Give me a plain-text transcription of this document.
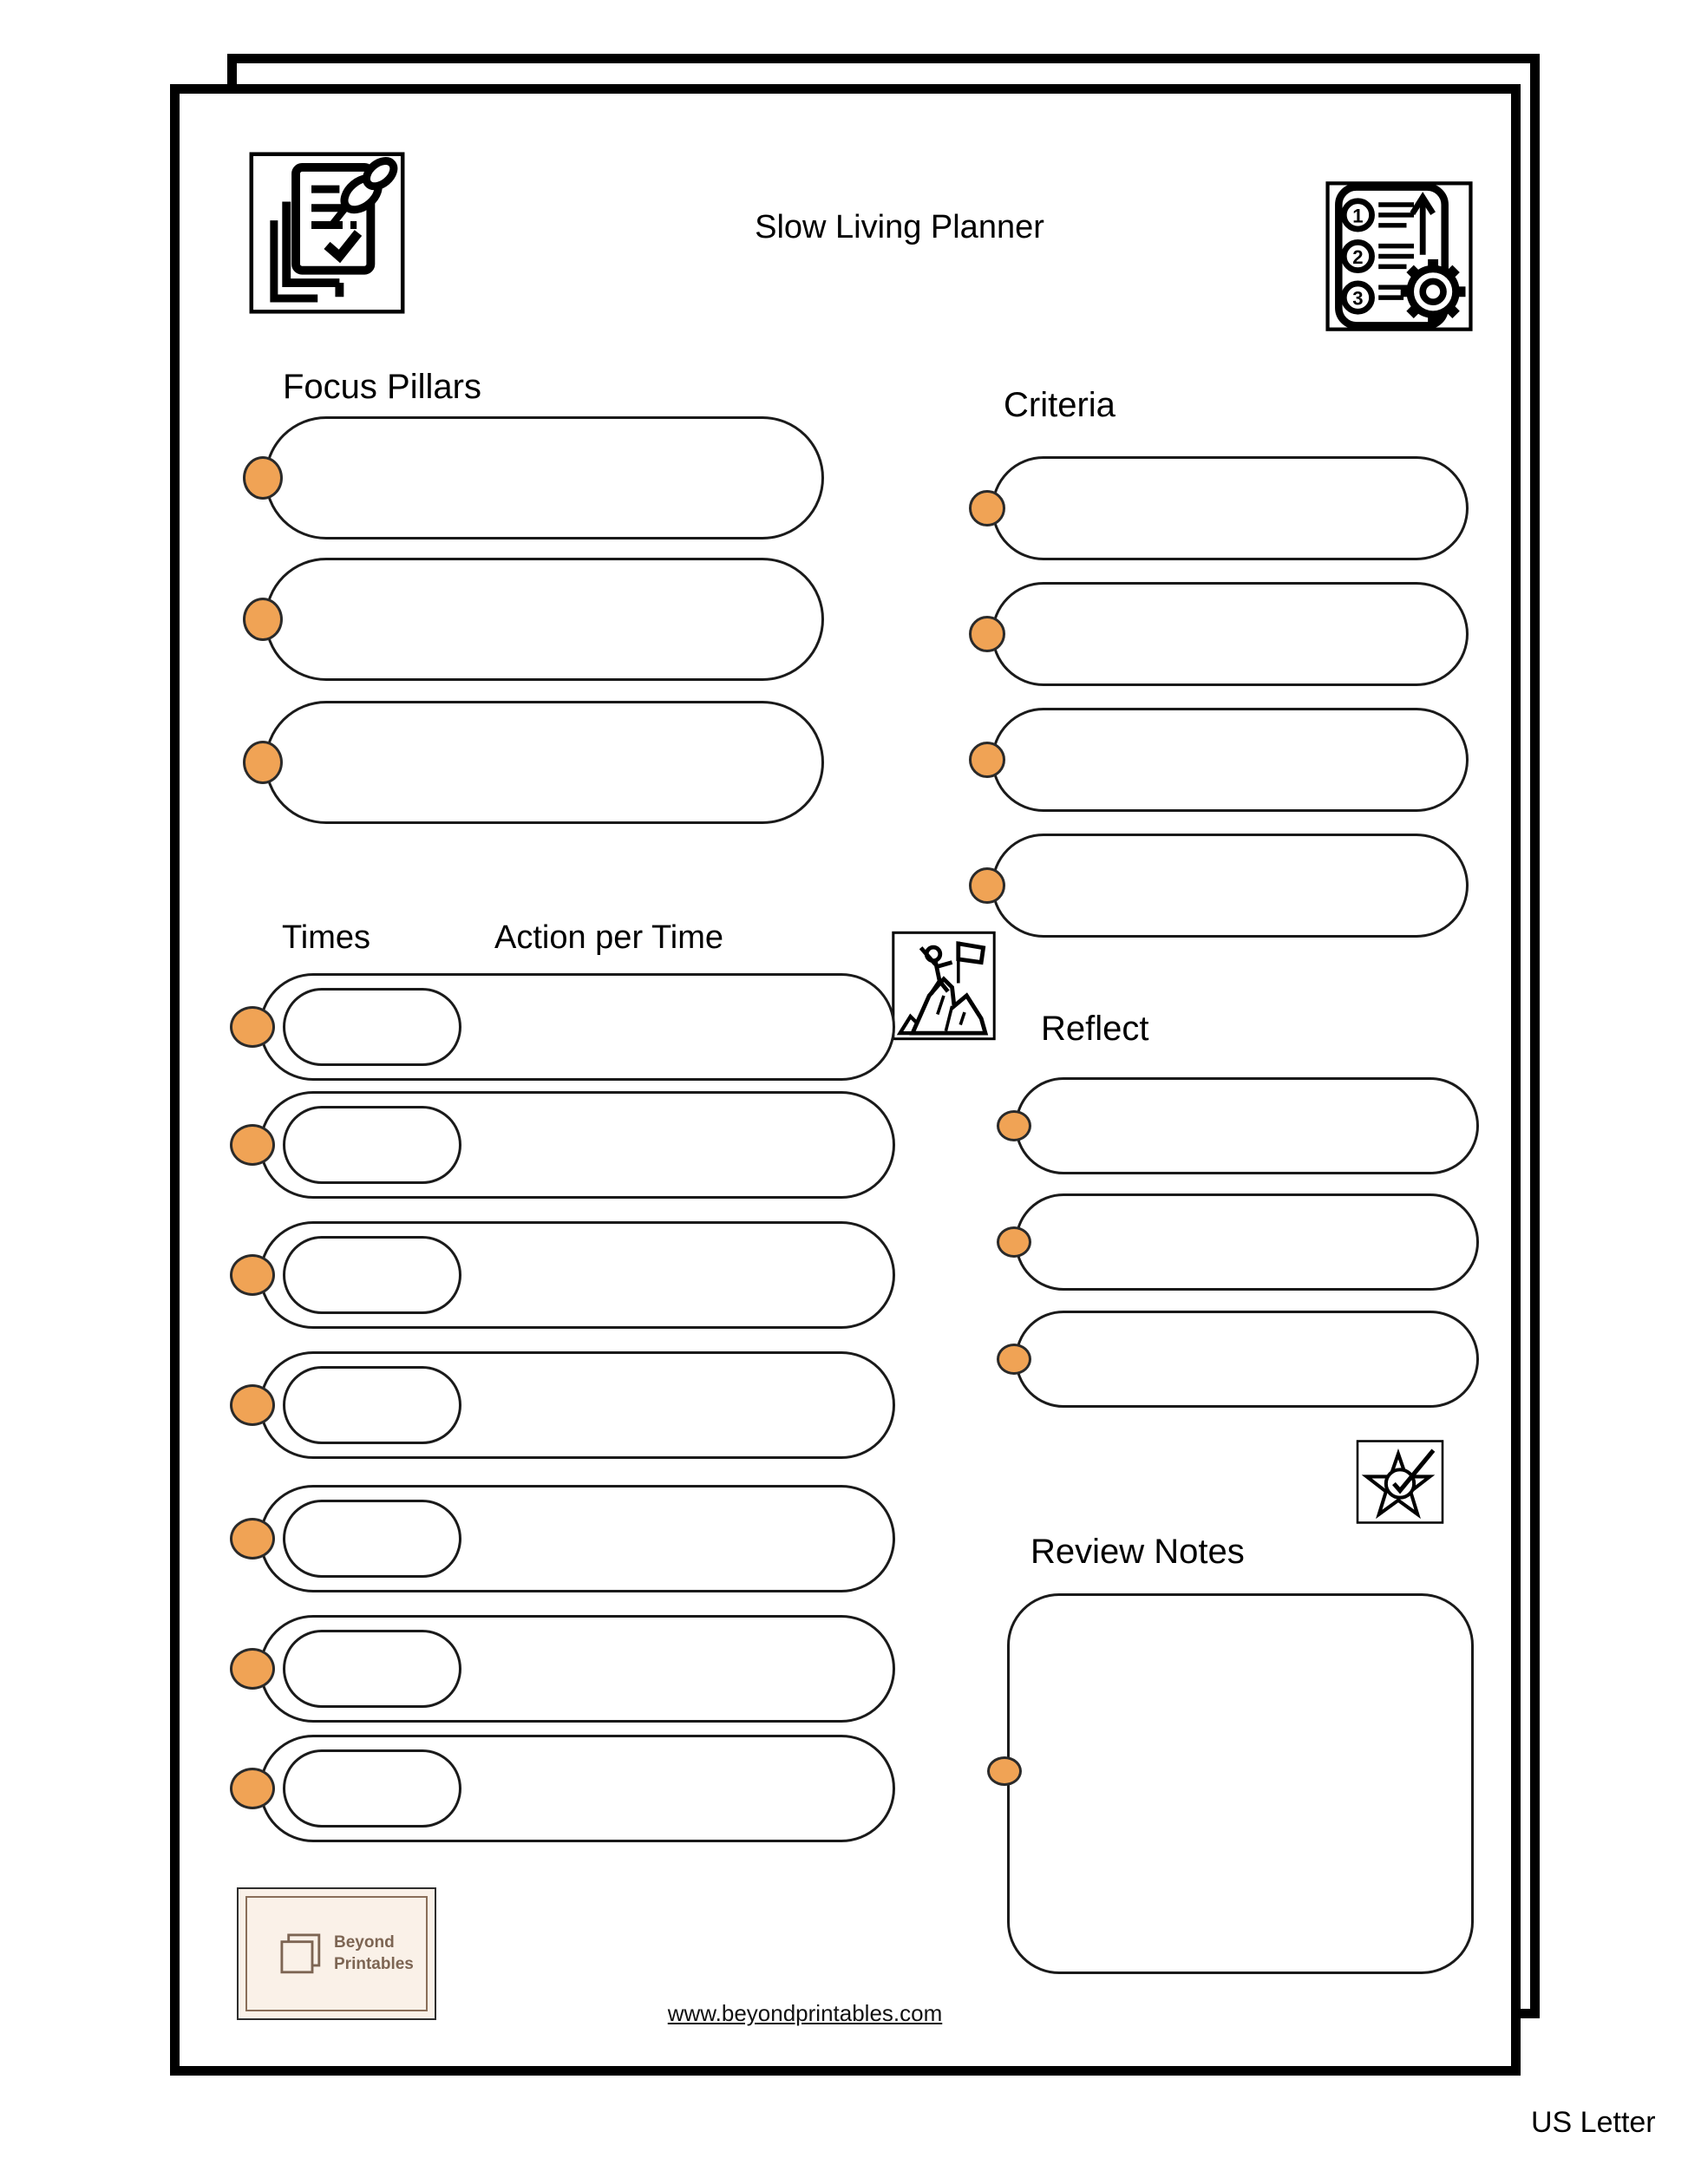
Slow Living Planner	1
2
3
Focus Pillars	Criteria
Times	Action per Time
Reflect
Review Notes
Beyond
Printables
www.beyondprintables.com
US Letter
